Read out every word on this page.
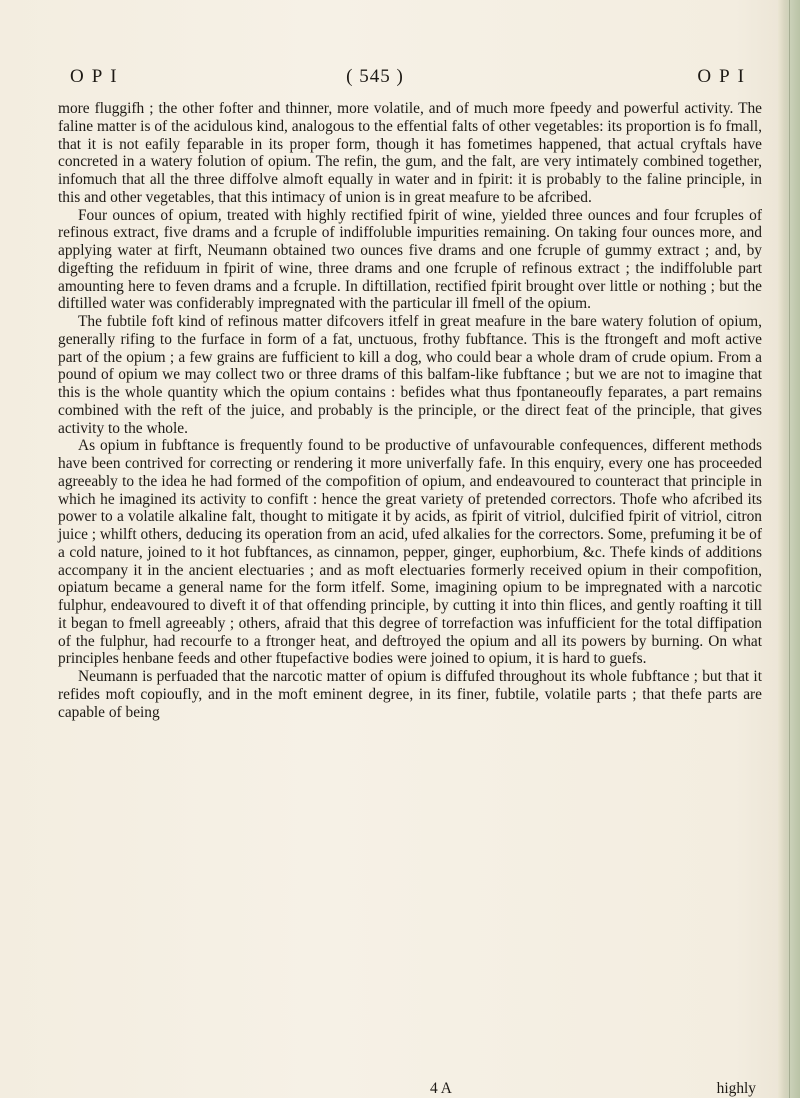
OPI	( 545 )	OPI

more fluggifh ; the other fofter and thinner, more volatile, and of much more fpeedy and powerful activity. The faline matter is of the acidulous kind, analogous to the effential falts of other vegetables: its proportion is fo fmall, that it is not eafily feparable in its proper form, though it has fometimes happened, that actual cryftals have concreted in a watery folution of opium. The refin, the gum, and the falt, are very intimately combined together, infomuch that all the three diffolve almoft equally in water and in fpirit: it is probably to the faline principle, in this and other vegetables, that this intimacy of union is in great meafure to be afcribed.

Four ounces of opium, treated with highly rectified fpirit of wine, yielded three ounces and four fcruples of refinous extract, five drams and a fcruple of indiffoluble impurities remaining. On taking four ounces more, and applying water at firft, Neumann obtained two ounces five drams and one fcruple of gummy extract ; and, by digefting the refiduum in fpirit of wine, three drams and one fcruple of refinous extract ; the indiffoluble part amounting here to feven drams and a fcruple. In diftillation, rectified fpirit brought over little or nothing ; but the diftilled water was confiderably impregnated with the particular ill fmell of the opium.

The fubtile foft kind of refinous matter difcovers itfelf in great meafure in the bare watery folution of opium, generally rifing to the furface in form of a fat, unctuous, frothy fubftance. This is the ftrongeft and moft active part of the opium ; a few grains are fufficient to kill a dog, who could bear a whole dram of crude opium. From a pound of opium we may collect two or three drams of this balfam-like fubftance ; but we are not to imagine that this is the whole quantity which the opium contains : befides what thus fpontaneoufly feparates, a part remains combined with the reft of the juice, and probably is the principle, or the direct feat of the principle, that gives activity to the whole.

As opium in fubftance is frequently found to be productive of unfavourable confequences, different methods have been contrived for correcting or rendering it more univerfally fafe. In this enquiry, every one has proceeded agreeably to the idea he had formed of the compofition of opium, and endeavoured to counteract that principle in which he imagined its activity to confift : hence the great variety of pretended correctors. Thofe who afcribed its power to a volatile alkaline falt, thought to mitigate it by acids, as fpirit of vitriol, dulcified fpirit of vitriol, citron juice ; whilft others, deducing its operation from an acid, ufed alkalies for the correctors. Some, prefuming it be of a cold nature, joined to it hot fubftances, as cinnamon, pepper, ginger, euphorbium, &c. Thefe kinds of additions accompany it in the ancient electuaries ; and as moft electuaries formerly received opium in their compofition, opiatum became a general name for the form itfelf. Some, imagining opium to be impregnated with a narcotic fulphur, endeavoured to diveft it of that offending principle, by cutting it into thin flices, and gently roafting it till it began to fmell agreeably ; others, afraid that this degree of torrefaction was infufficient for the total diffipation of the fulphur, had recourfe to a ftronger heat, and deftroyed the opium and all its powers by burning. On what principles henbane feeds and other ftupefactive bodies were joined to opium, it is hard to guefs.

Neumann is perfuaded that the narcotic matter of opium is diffufed throughout its whole fubftance ; but that it refides moft copioufly, and in the moft eminent degree, in its finer, fubtile, volatile parts ; that thefe parts are capable of being

4 A	highly
